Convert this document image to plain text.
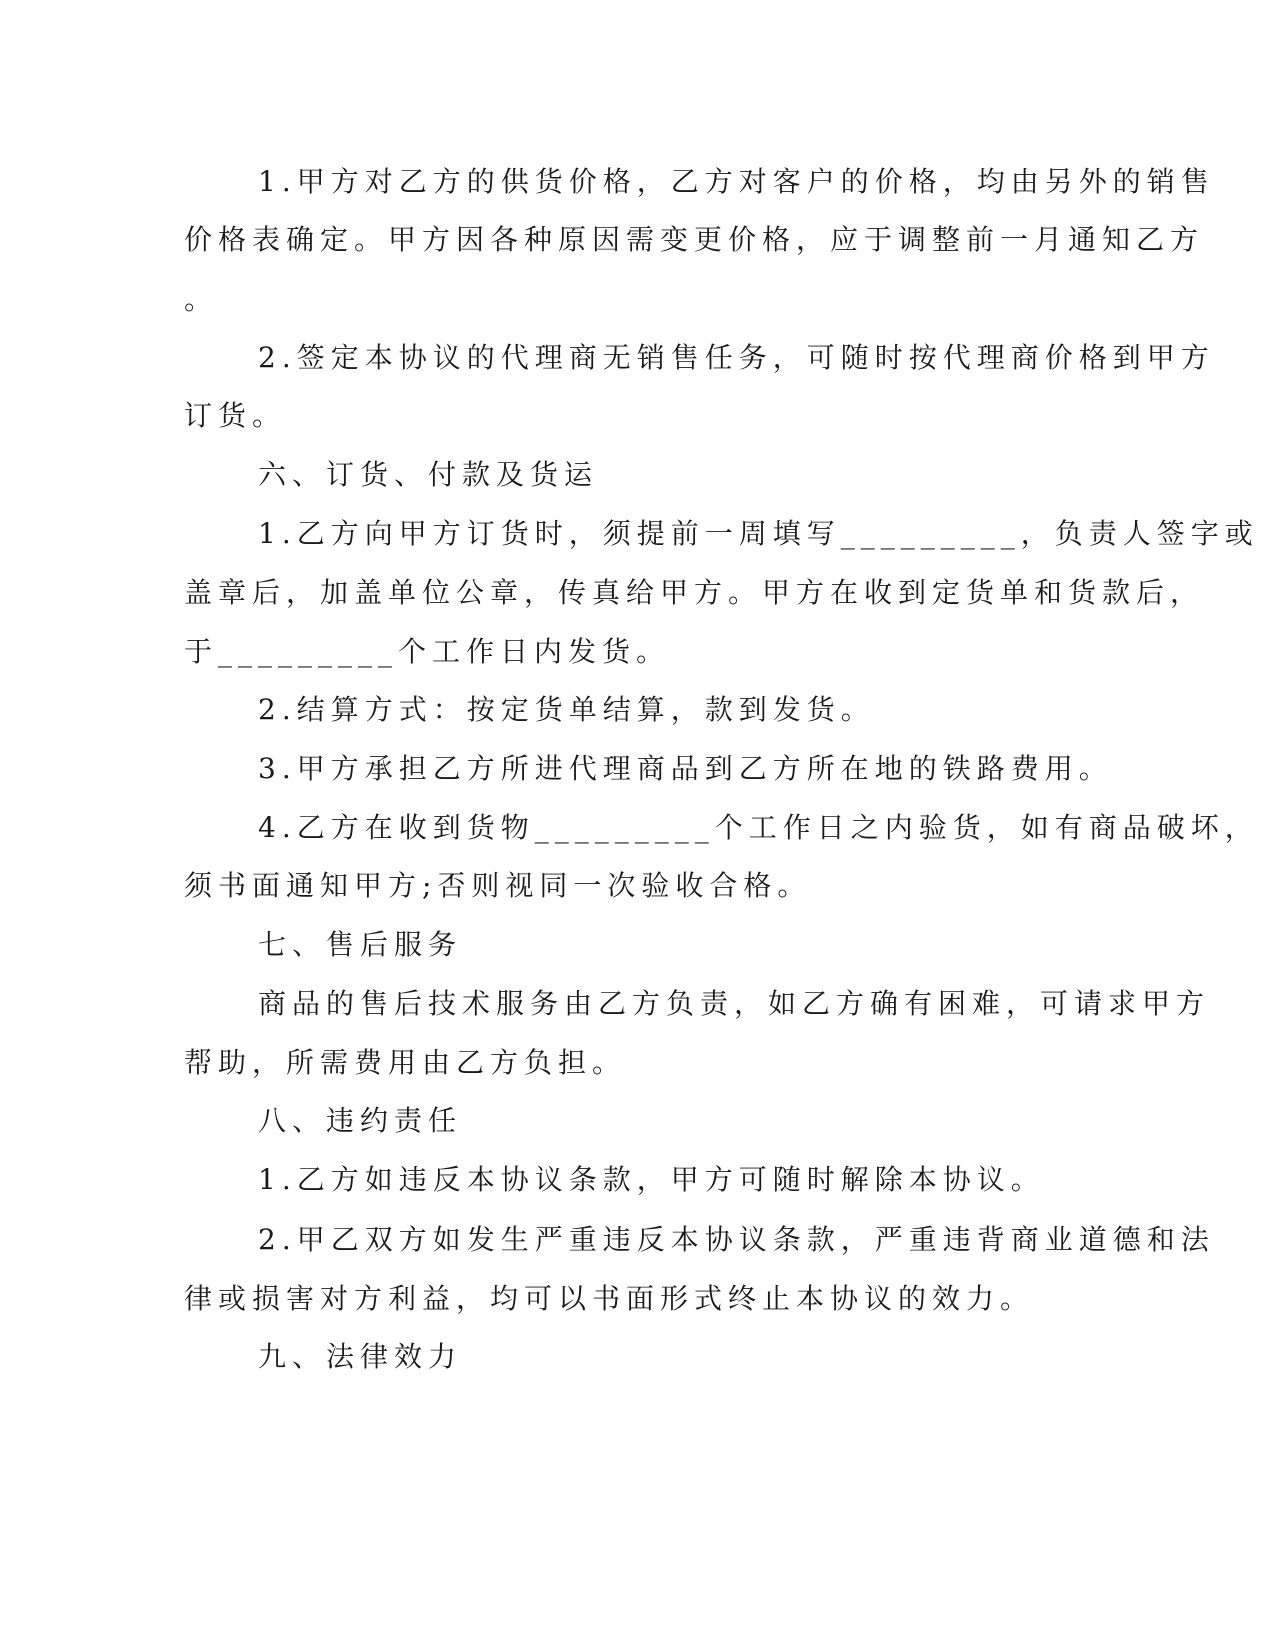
1.甲方对乙方的供货价格，乙方对客户的价格，均由另外的销售

价格表确定。甲方因各种原因需变更价格，应于调整前一月通知乙方

。

2.签定本协议的代理商无销售任务，可随时按代理商价格到甲方

订货。

六、订货、付款及货运

1.乙方向甲方订货时，须提前一周填写_________，负责人签字或

盖章后，加盖单位公章，传真给甲方。甲方在收到定货单和货款后，

于_________个工作日内发货。

2.结算方式：按定货单结算，款到发货。

3.甲方承担乙方所进代理商品到乙方所在地的铁路费用。

4.乙方在收到货物_________个工作日之内验货，如有商品破坏，

须书面通知甲方;否则视同一次验收合格。

七、售后服务

商品的售后技术服务由乙方负责，如乙方确有困难，可请求甲方

帮助，所需费用由乙方负担。

八、违约责任

1.乙方如违反本协议条款，甲方可随时解除本协议。

2.甲乙双方如发生严重违反本协议条款，严重违背商业道德和法

律或损害对方利益，均可以书面形式终止本协议的效力。

九、法律效力
